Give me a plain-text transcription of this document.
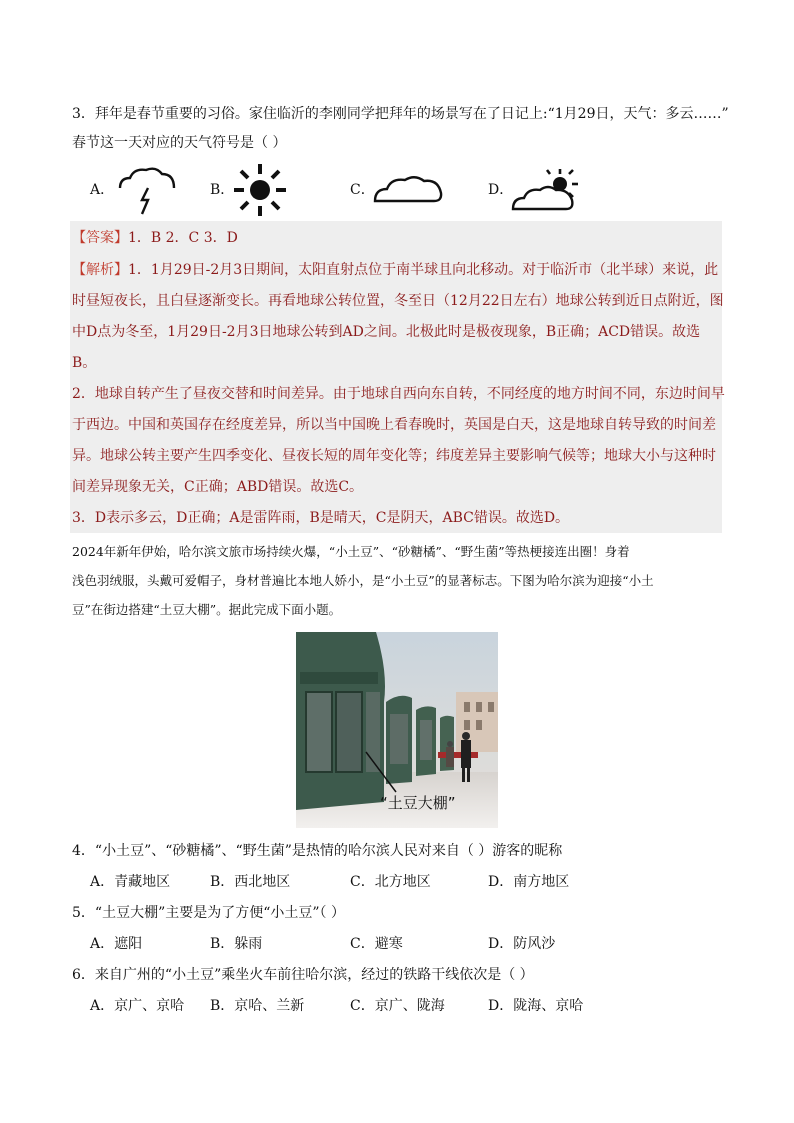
3．拜年是春节重要的习俗。家住临沂的李刚同学把拜年的场景写在了日记上:“1月29日，天气：多云……”
春节这一天对应的天气符号是（ ）
A．	B．	C．	D．
【答案】1．B 2．C 3．D
【解析】1．1月29日-2月3日期间，太阳直射点位于南半球且向北移动。对于临沂市（北半球）来说，此
时昼短夜长，且白昼逐渐变长。再看地球公转位置，冬至日（12月22日左右）地球公转到近日点附近，图
中D点为冬至，1月29日-2月3日地球公转到AD之间。北极此时是极夜现象，B正确；ACD错误。故选
B。
2．地球自转产生了昼夜交替和时间差异。由于地球自西向东自转，不同经度的地方时间不同，东边时间早
于西边。中国和英国存在经度差异，所以当中国晚上看春晚时，英国是白天，这是地球自转导致的时间差
异。地球公转主要产生四季变化、昼夜长短的周年变化等；纬度差异主要影响气候等；地球大小与这种时
间差异现象无关，C正确；ABD错误。故选C。
3．D表示多云，D正确；A是雷阵雨，B是晴天，C是阴天，ABC错误。故选D。
2024年新年伊始，哈尔滨文旅市场持续火爆，“小土豆”、“砂糖橘”、“野生菌”等热梗接连出圈！身着
浅色羽绒服，头戴可爱帽子，身材普遍比本地人娇小，是“小土豆”的显著标志。下图为哈尔滨为迎接“小土
豆”在街边搭建“土豆大棚”。据此完成下面小题。
“土豆大棚”
4．“小土豆”、“砂糖橘”、“野生菌”是热情的哈尔滨人民对来自（ ）游客的昵称
A．青藏地区	B．西北地区	C．北方地区	D．南方地区
5．“土豆大棚”主要是为了方便“小土豆”（ ）
A．遮阳	B．躲雨	C．避寒	D．防风沙
6．来自广州的“小土豆”乘坐火车前往哈尔滨，经过的铁路干线依次是（ ）
A．京广、京哈 B．京哈、兰新	C．京广、陇海	D．陇海、京哈
